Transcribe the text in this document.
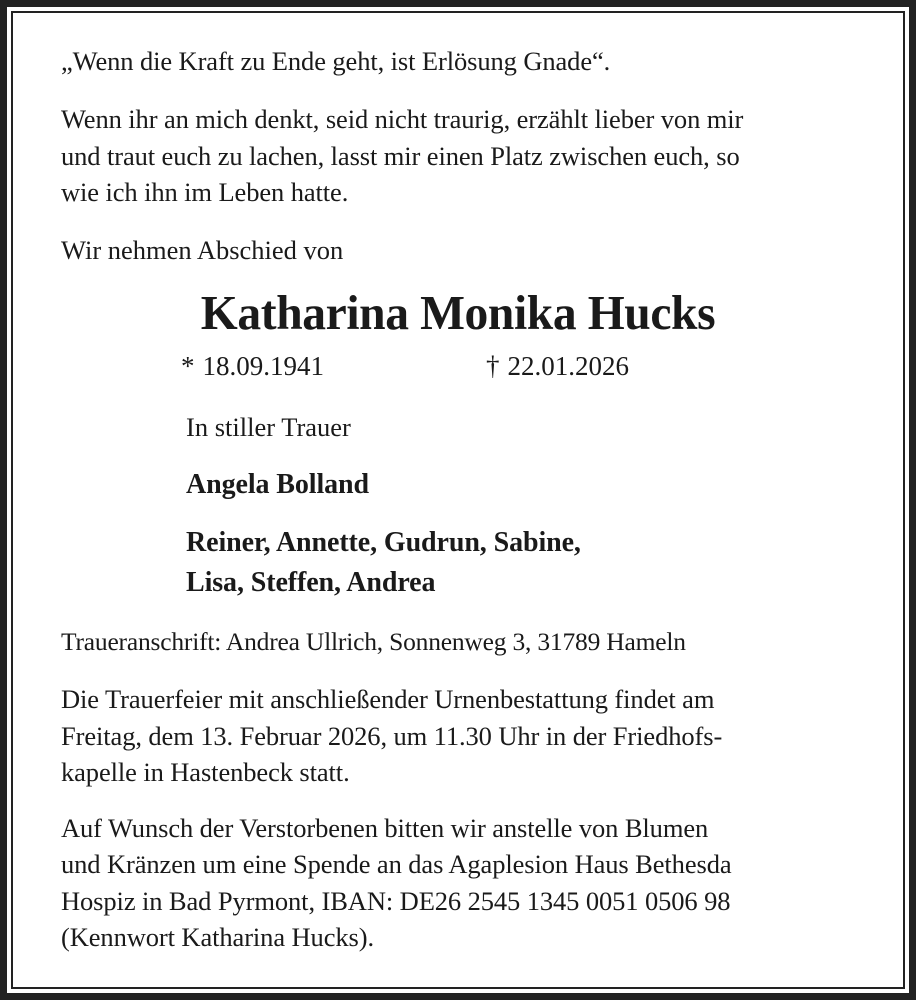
„Wenn die Kraft zu Ende geht, ist Erlösung Gnade“.

Wenn ihr an mich denkt, seid nicht traurig, erzählt lieber von mir
und traut euch zu lachen, lasst mir einen Platz zwischen euch, so
wie ich ihn im Leben hatte.

Wir nehmen Abschied von

Katharina Monika Hucks
* 18.09.1941	† 22.01.2026

In stiller Trauer

Angela Bolland

Reiner, Annette, Gudrun, Sabine,
Lisa, Steffen, Andrea

Traueranschrift: Andrea Ullrich, Sonnenweg 3, 31789 Hameln

Die Trauerfeier mit anschließender Urnenbestattung findet am
Freitag, dem 13. Februar 2026, um 11.30 Uhr in der Friedhofs-
kapelle in Hastenbeck statt.

Auf Wunsch der Verstorbenen bitten wir anstelle von Blumen
und Kränzen um eine Spende an das Agaplesion Haus Bethesda
Hospiz in Bad Pyrmont, IBAN: DE26 2545 1345 0051 0506 98
(Kennwort Katharina Hucks).
